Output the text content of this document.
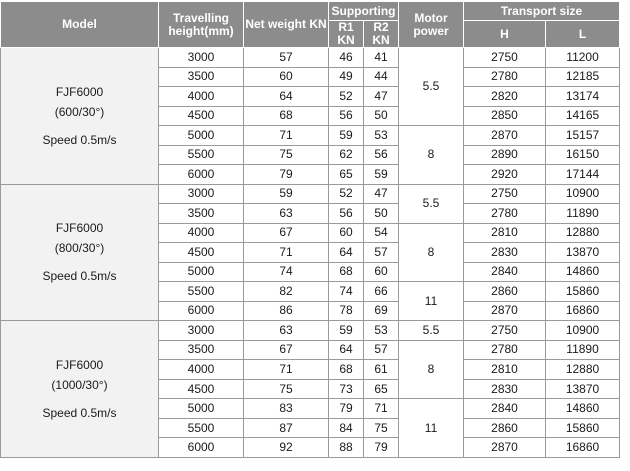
Model	Travelling height(mm)	Net weight KN	Supporting		Motor power	Transport size	
			R1 KN	R2 KN		H	L

FJF6000
(600/30°)
Speed 0.5m/s	3000	57	46	41	5.5	2750	11200
	3500	60	49	44		2780	12185
	4000	64	52	47		2820	13174
	4500	68	56	50		2850	14165
	5000	71	59	53	8	2870	15157
	5500	75	62	56		2890	16150
	6000	79	65	59		2920	17144

FJF6000
(800/30°)
Speed 0.5m/s	3000	59	52	47	5.5	2750	10900
	3500	63	56	50		2780	11890
	4000	67	60	54	8	2810	12880
	4500	71	64	57		2830	13870
	5000	74	68	60		2840	14860
	5500	82	74	66	11	2860	15860
	6000	86	78	69		2870	16860

FJF6000
(1000/30°)
Speed 0.5m/s	3000	63	59	53	5.5	2750	10900
	3500	67	64	57	8	2780	11890
	4000	71	68	61		2810	12880
	4500	75	73	65		2830	13870
	5000	83	79	71	11	2840	14860
	5500	87	84	75		2860	15860
	6000	92	88	79		2870	16860
